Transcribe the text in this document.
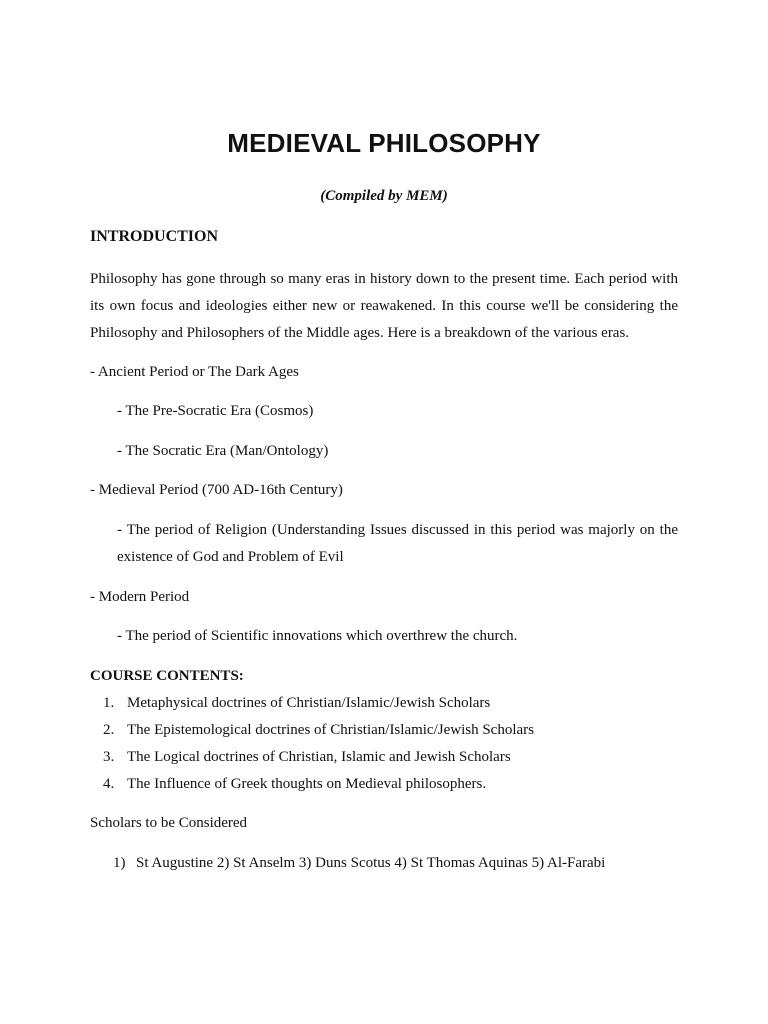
MEDIEVAL PHILOSOPHY
(Compiled by MEM)
INTRODUCTION

Philosophy has gone through so many eras in history down to the present time. Each period with its own focus and ideologies either new or reawakened. In this course we'll be considering the Philosophy and Philosophers of the Middle ages. Here is a breakdown of the various eras.

- Ancient Period or The Dark Ages
- The Pre-Socratic Era (Cosmos)
- The Socratic Era (Man/Ontology)
- Medieval Period (700 AD-16th Century)

- The period of Religion (Understanding Issues discussed in this period was majorly on the existence of God and Problem of Evil

- Modern Period
- The period of Scientific innovations which overthrew the church.
COURSE CONTENTS:
1. Metaphysical doctrines of Christian/Islamic/Jewish Scholars
2. The Epistemological doctrines of Christian/Islamic/Jewish Scholars
3. The Logical doctrines of Christian, Islamic and Jewish Scholars
4. The Influence of Greek thoughts on Medieval philosophers.
Scholars to be Considered
1) St Augustine 2) St Anselm 3) Duns Scotus 4) St Thomas Aquinas 5) Al-Farabi
